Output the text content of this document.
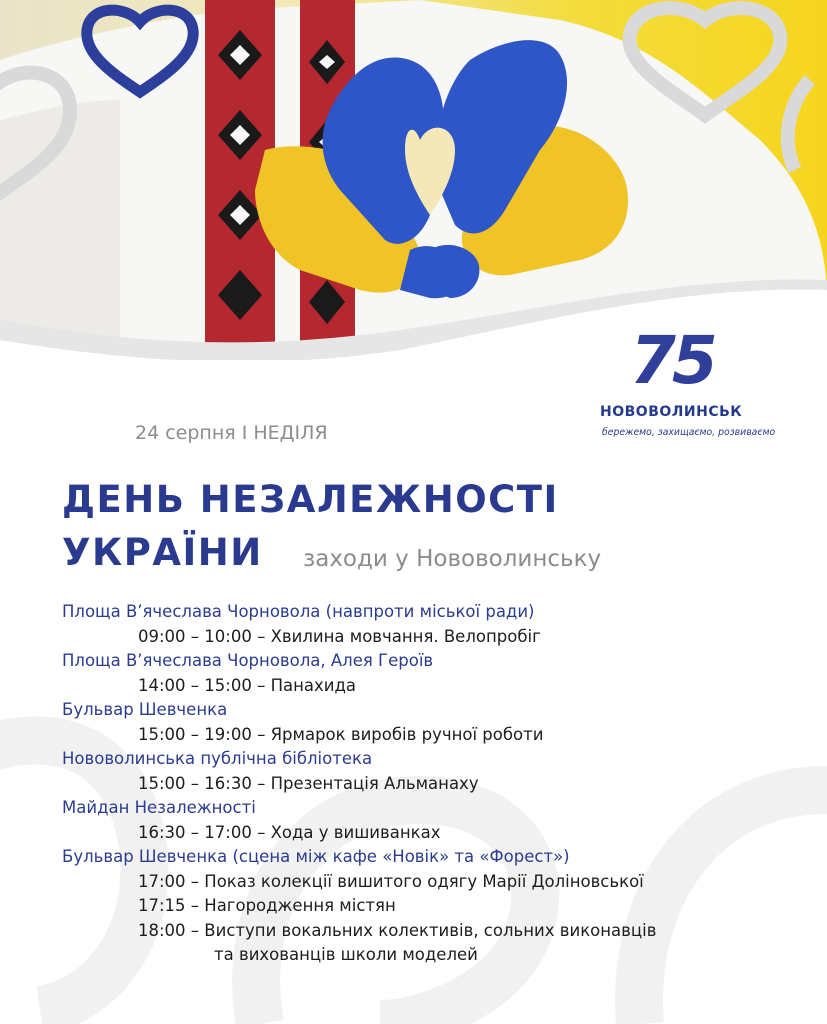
75
НОВОВОЛИНСЬК
бережемо, захищаємо, розвиваємо
24 серпня І НЕДІЛЯ
ДЕНЬ НЕЗАЛЕЖНОСТІ
УКРАЇНИ заходи у Нововолинську
Площа В’ячеслава Чорновола (навпроти міської ради)
09:00 – 10:00 – Хвилина мовчання. Велопробіг
Площа В’ячеслава Чорновола, Алея Героїв
14:00 – 15:00 – Панахида
Бульвар Шевченка
15:00 – 19:00 – Ярмарок виробів ручної роботи
Нововолинська публічна бібліотека
15:00 – 16:30 – Презентація Альманаху
Майдан Незалежності
16:30 – 17:00 – Хода у вишиванках
Бульвар Шевченка (сцена між кафе «Новік» та «Форест»)
17:00 – Показ колекції вишитого одягу Марії Доліновської
17:15 – Нагородження містян
18:00 – Виступи вокальних колективів, сольних виконавців
та вихованців школи моделей
